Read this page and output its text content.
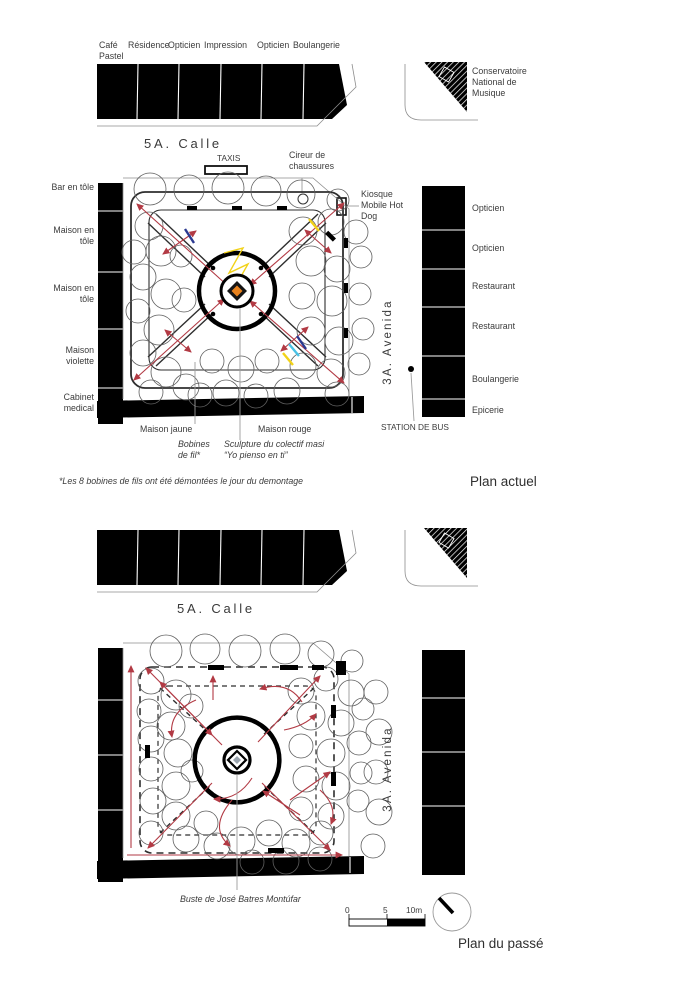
Café Pastel
Résidence
Opticien Impression Opticien Boulangerie
Conservatoire National de Musique
5A. Calle
TAXIS	Cireur de chaussures
Kiosque Mobile Hot Dog
Bar en tôle
Maison en tôle
Maison en tôle
Maison violette
Cabinet medical
Opticien
Opticien
Restaurant
Restaurant
Boulangerie
Epicerie
3A. Avenida
STATION DE BUS
Maison jaune	Maison rouge
Bobines de fil*
Sculpture du colectif masi
“Yo pienso en ti”
*Les 8 bobines de fils ont été démontées le jour du demontage	Plan actuel
5A. Calle
3A. Avenida
Buste de José Batres Montúfar
0	5 10m
Plan du passé
